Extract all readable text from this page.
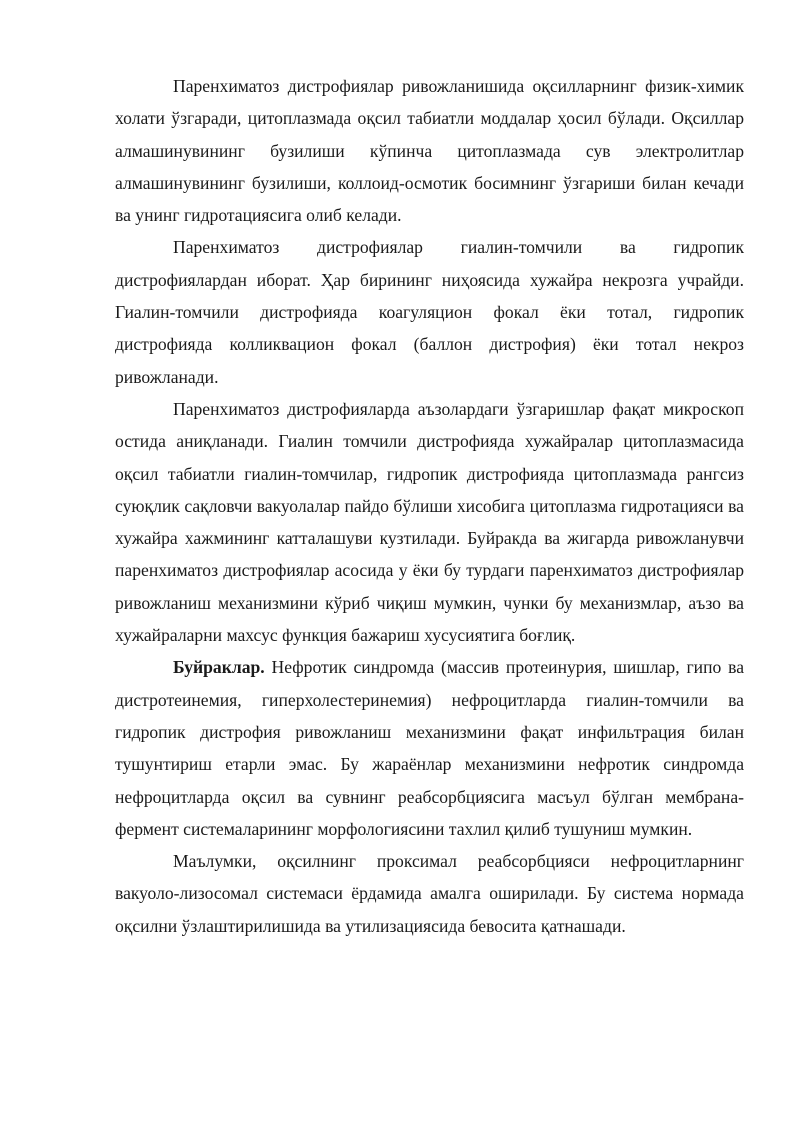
Паренхиматоз дистрофиялар ривожланишида оқсилларнинг физик-химик холати ўзгаради, цитоплазмада оқсил табиатли моддалар ҳосил бўлади. Оқсиллар алмашинувининг бузилиши кўпинча цитоплазмада сув электролитлар алмашинувининг бузилиши, коллоид-осмотик босимнинг ўзгариши билан кечади ва унинг гидротациясига олиб келади.

Паренхиматоз дистрофиялар гиалин-томчили ва гидропик дистрофиялардан иборат. Ҳар бирининг ниҳоясида хужайра некрозга учрайди. Гиалин-томчили дистрофияда коагуляцион фокал ёки тотал, гидропик дистрофияда колликвацион фокал (баллон дистрофия) ёки тотал некроз ривожланади.

Паренхиматоз дистрофияларда аъзолардаги ўзгаришлар фақат микроскоп остида аниқланади. Гиалин томчили дистрофияда хужайралар цитоплазмасида оқсил табиатли гиалин-томчилар, гидропик дистрофияда цитоплазмада рангсиз суюқлик сақловчи вакуолалар пайдо бўлиши хисобига цитоплазма гидротацияси ва хужайра хажмининг катталашуви кузтилади. Буйракда ва жигарда ривожланувчи паренхиматоз дистрофиялар асосида у ёки бу турдаги паренхиматоз дистрофиялар ривожланиш механизмини кўриб чиқиш мумкин, чунки бу механизмлар, аъзо ва хужайраларни махсус функция бажариш хусусиятига боғлиқ.

Буйраклар. Нефротик синдромда (массив протеинурия, шишлар, гипо ва дистротеинемия, гиперхолестеринемия) нефроцитларда гиалин-томчили ва гидропик дистрофия ривожланиш механизмини фақат инфильтрация билан тушунтириш етарли эмас. Бу жараёнлар механизмини нефротик синдромда нефроцитларда оқсил ва сувнинг реабсорбциясига масъул бўлган мембрана-фермент системаларининг морфологиясини тахлил қилиб тушуниш мумкин.

Маълумки, оқсилнинг проксимал реабсорбцияси нефроцитларнинг вакуоло-лизосомал системаси ёрдамида амалга оширилади. Бу система нормада оқсилни ўзлаштирилишида ва утилизациясида бевосита қатнашади.
